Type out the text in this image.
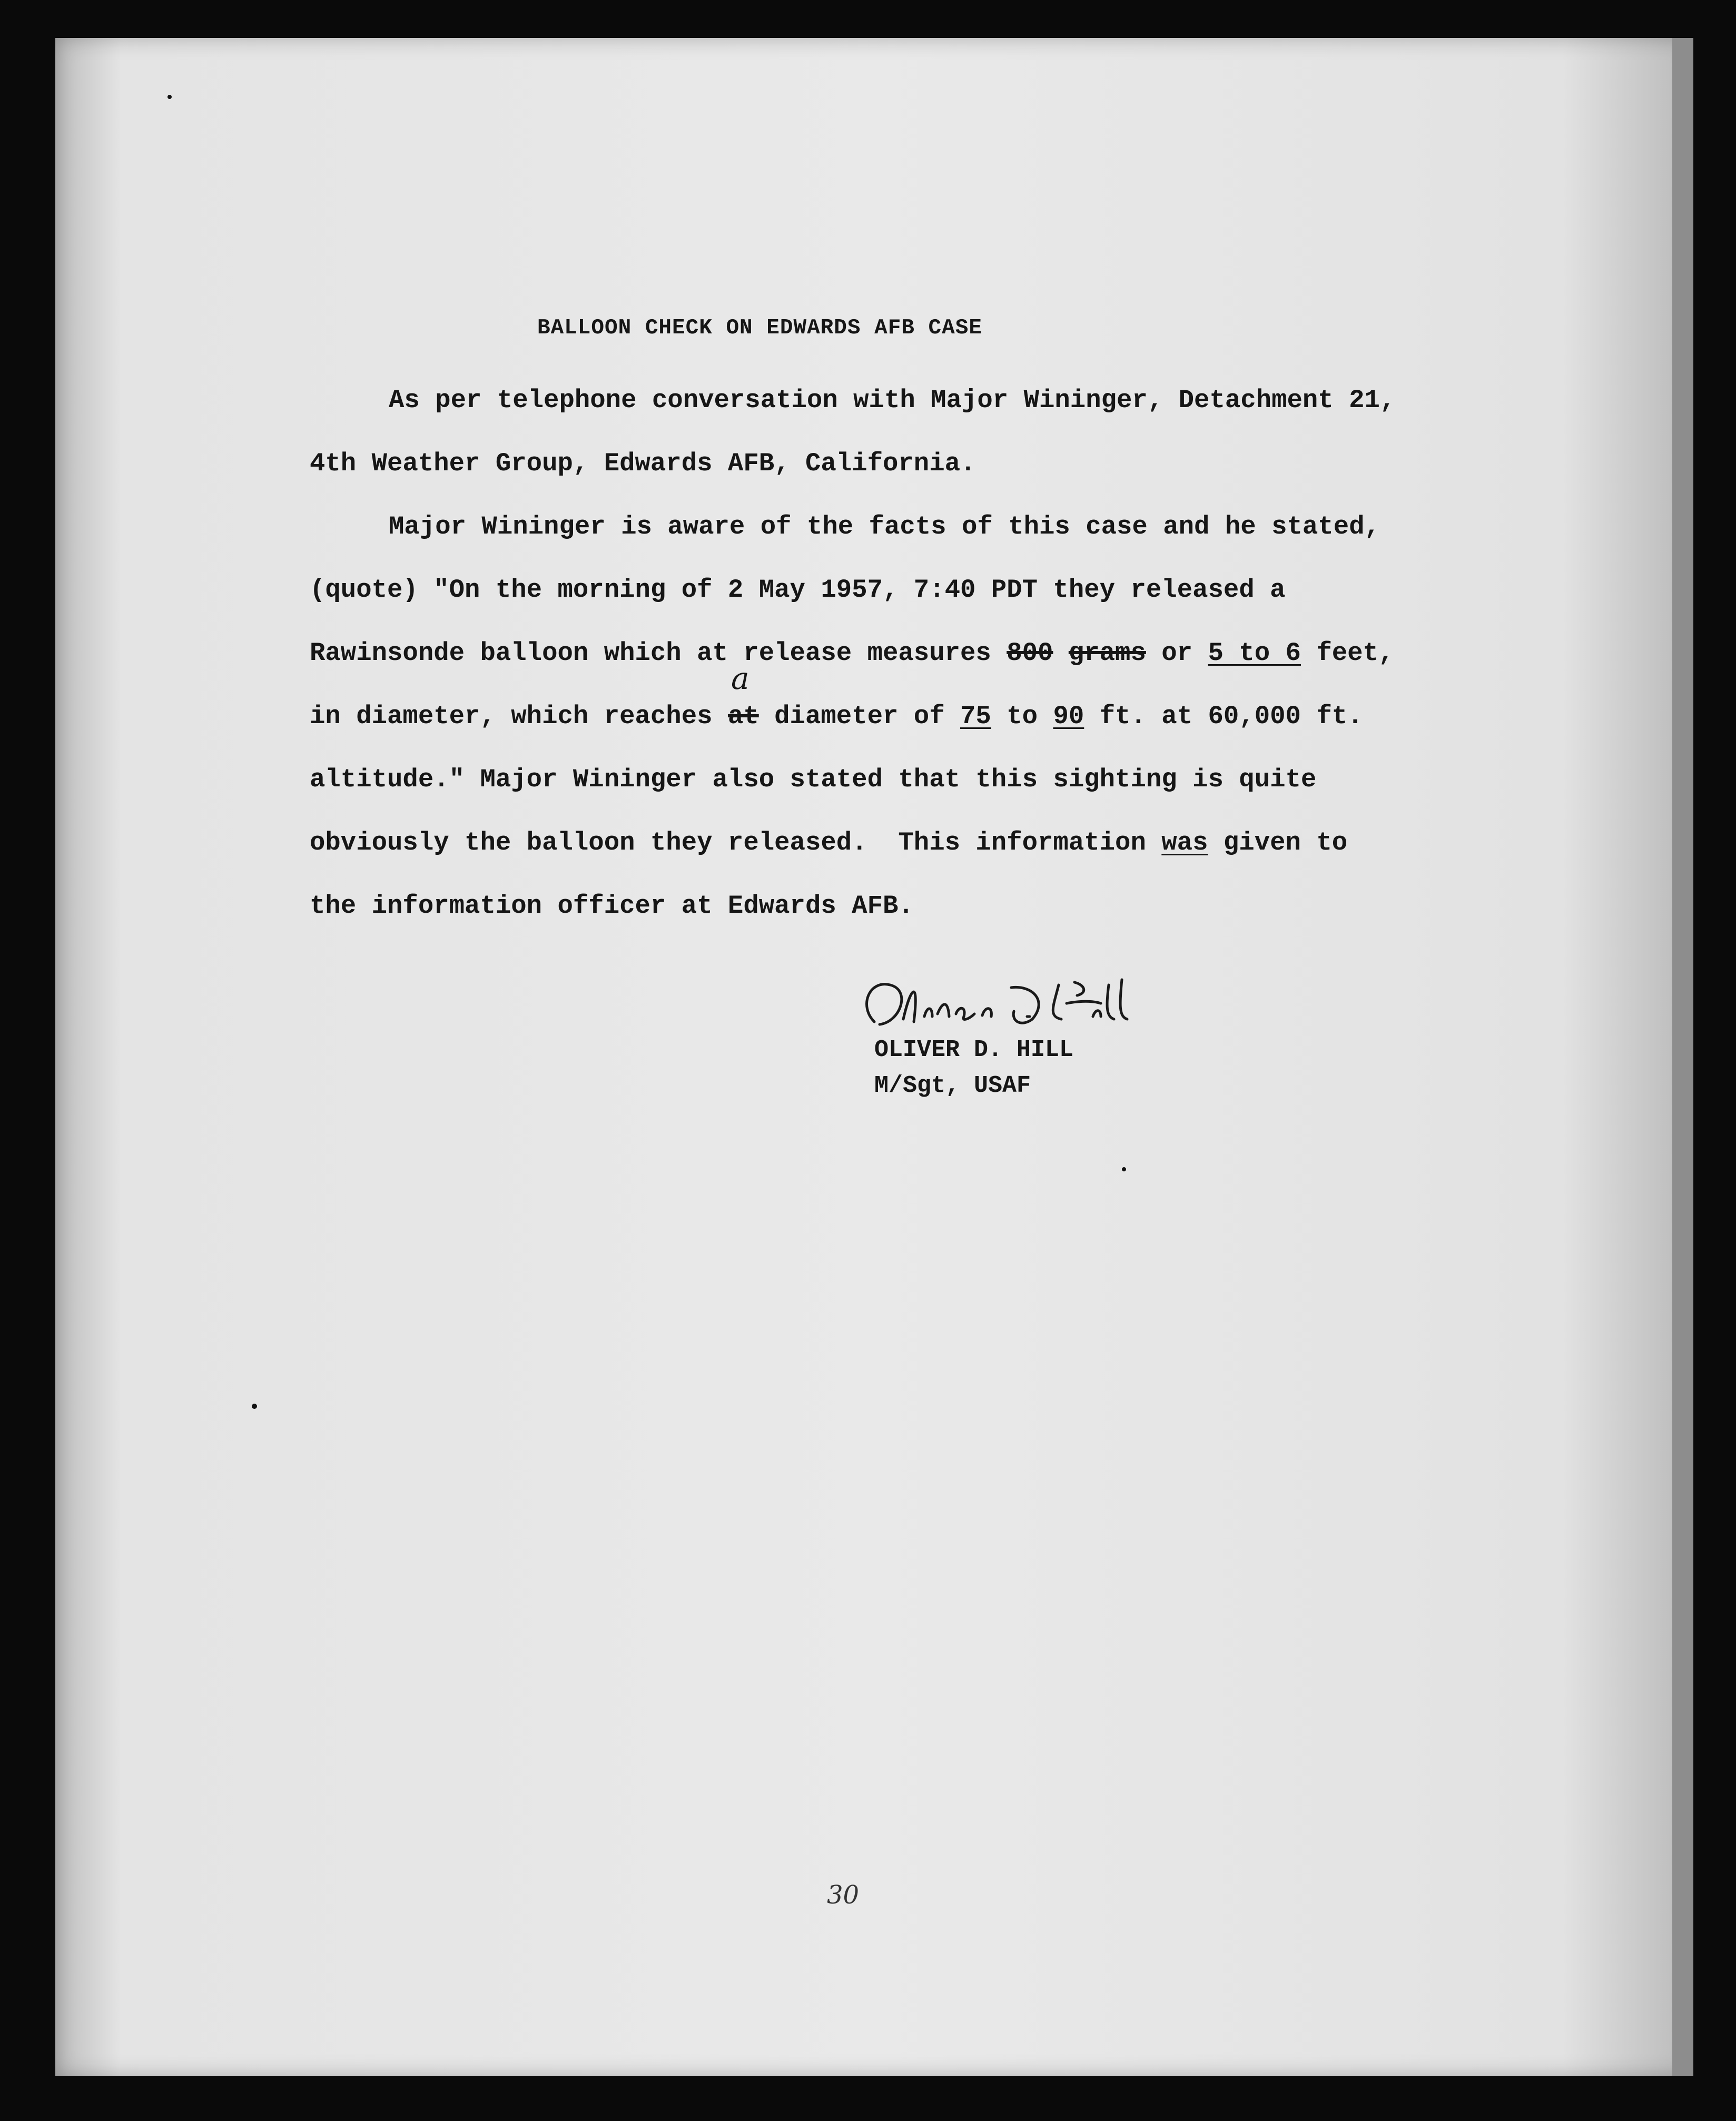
BALLOON CHECK ON EDWARDS AFB CASE
As per telephone conversation with Major Wininger, Detachment 21,
4th Weather Group, Edwards AFB, California.
Major Wininger is aware of the facts of this case and he stated,
(quote) "On the morning of 2 May 1957, 7:40 PDT they released a
Rawinsonde balloon which at release measures 800 grams or 5 to 6 feet,
in diameter, which reaches at
a
diameter of 75 to 90 ft. at 60,000 ft.
altitude." Major Wininger also stated that this sighting is quite
obviously the balloon they released.  This information was given to
the information officer at Edwards AFB.
OLIVER D. HILL
M/Sgt, USAF
30
